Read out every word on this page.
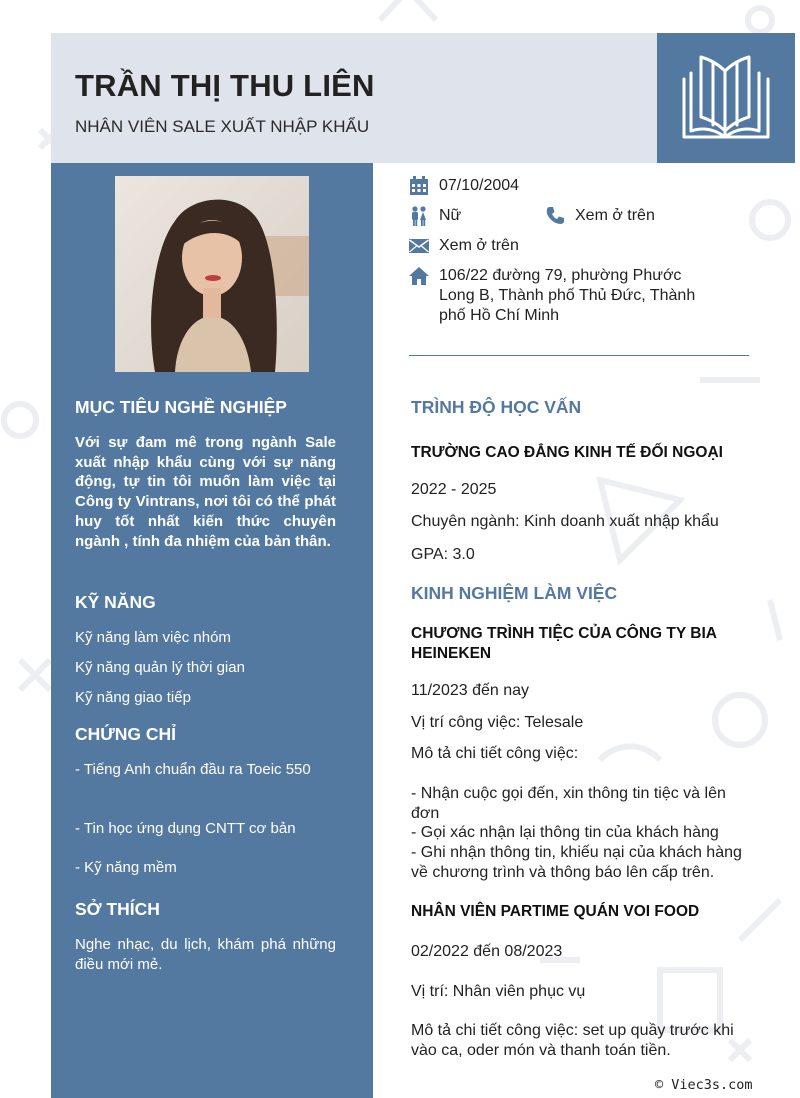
TRẦN THỊ THU LIÊN
NHÂN VIÊN SALE XUẤT NHẬP KHẨU
MỤC TIÊU NGHỀ NGHIỆP
Với sự đam mê trong ngành Sale xuất nhập khẩu cùng với sự năng động, tự tin tôi muốn làm việc tại Công ty Vintrans, nơi tôi có thể phát huy tốt nhất kiến thức chuyên ngành , tính đa nhiệm của bản thân.
KỸ NĂNG
Kỹ năng làm việc nhóm
Kỹ năng quản lý thời gian
Kỹ năng giao tiếp
CHỨNG CHỈ
- Tiếng Anh chuẩn đầu ra Toeic 550
- Tin học ứng dụng CNTT cơ bản
- Kỹ năng mềm
SỞ THÍCH
Nghe nhạc, du lịch, khám phá những điều mới mẻ.
07/10/2004
Nữ	Xem ở trên
Xem ở trên
106/22 đường 79, phường Phước
Long B, Thành phố Thủ Đức, Thành
phố Hồ Chí Minh
TRÌNH ĐỘ HỌC VẤN
TRƯỜNG CAO ĐẲNG KINH TẾ ĐỐI NGOẠI
2022 - 2025
Chuyên ngành: Kinh doanh xuất nhập khẩu
GPA: 3.0
KINH NGHIỆM LÀM VIỆC
CHƯƠNG TRÌNH TIỆC CỦA CÔNG TY BIA HEINEKEN
11/2023 đến nay
Vị trí công việc: Telesale
Mô tả chi tiết công việc:
- Nhận cuộc gọi đến, xin thông tin tiệc và lên đơn
- Gọi xác nhận lại thông tin của khách hàng
- Ghi nhận thông tin, khiếu nại của khách hàng về chương trình và thông báo lên cấp trên.
NHÂN VIÊN PARTIME QUÁN VOI FOOD
02/2022 đến 08/2023
Vị trí: Nhân viên phục vụ
Mô tả chi tiết công việc: set up quầy trước khi vào ca, oder món và thanh toán tiền.
© Viec3s.com
